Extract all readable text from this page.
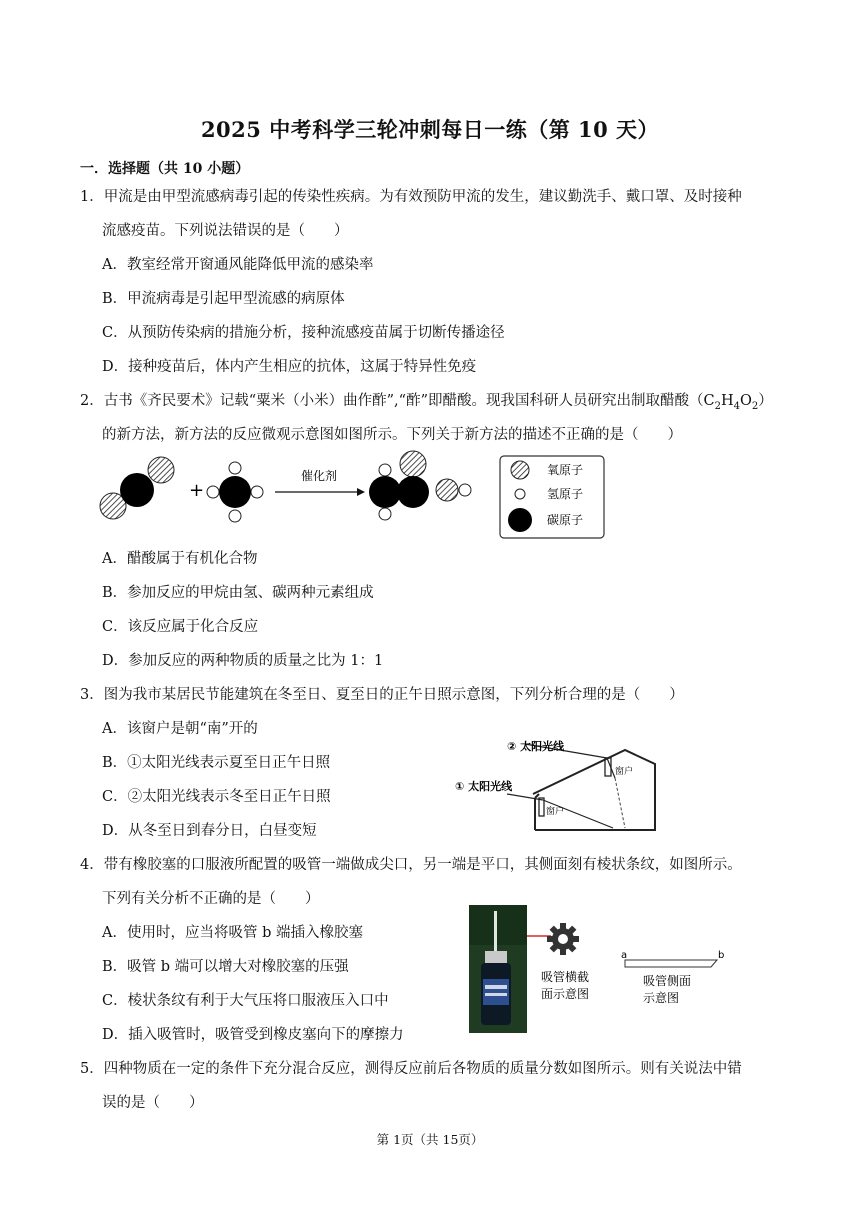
2025 中考科学三轮冲刺每日一练（第 10 天）
一．选择题（共 10 小题）
1．甲流是由甲型流感病毒引起的传染性疾病。为有效预防甲流的发生，建议勤洗手、戴口罩、及时接种
流感疫苗。下列说法错误的是（　　）
A．教室经常开窗通风能降低甲流的感染率
B．甲流病毒是引起甲型流感的病原体
C．从预防传染病的措施分析，接种流感疫苗属于切断传播途径
D．接种疫苗后，体内产生相应的抗体，这属于特异性免疫
2．古书《齐民要术》记载“粟米（小米）曲作酢”,“酢”即醋酸。现我国科研人员研究出制取醋酸$(C_2H_4O_2)$
的新方法，新方法的反应微观示意图如图所示。下列关于新方法的描述不正确的是（　　）
+
催化剂	氧原子
氢原子
碳原子
A．醋酸属于有机化合物
B．参加反应的甲烷由氢、碳两种元素组成
C．该反应属于化合反应
D．参加反应的两种物质的质量之比为 1：1
3．图为我市某居民节能建筑在冬至日、夏至日的正午日照示意图，下列分析合理的是（　　）
A．该窗户是朝“南”开的
B．①太阳光线表示夏至日正午日照
C．②太阳光线表示冬至日正午日照
D．从冬至日到春分日，白昼变短
② 太阳光线
① 太阳光线
窗户
窗户
4．带有橡胶塞的口服液所配置的吸管一端做成尖口，另一端是平口，其侧面刻有棱状条纹，如图所示。
下列有关分析不正确的是（　　）
A．使用时，应当将吸管 b 端插入橡胶塞
B．吸管 b 端可以增大对橡胶塞的压强
C．棱状条纹有利于大气压将口服液压入口中
D．插入吸管时，吸管受到橡皮塞向下的摩擦力
a	b
吸管横截
面示意图
吸管侧面
示意图
5．四种物质在一定的条件下充分混合反应，测得反应前后各物质的质量分数如图所示。则有关说法中错
误的是（　　）
第 1页（共 15页）
